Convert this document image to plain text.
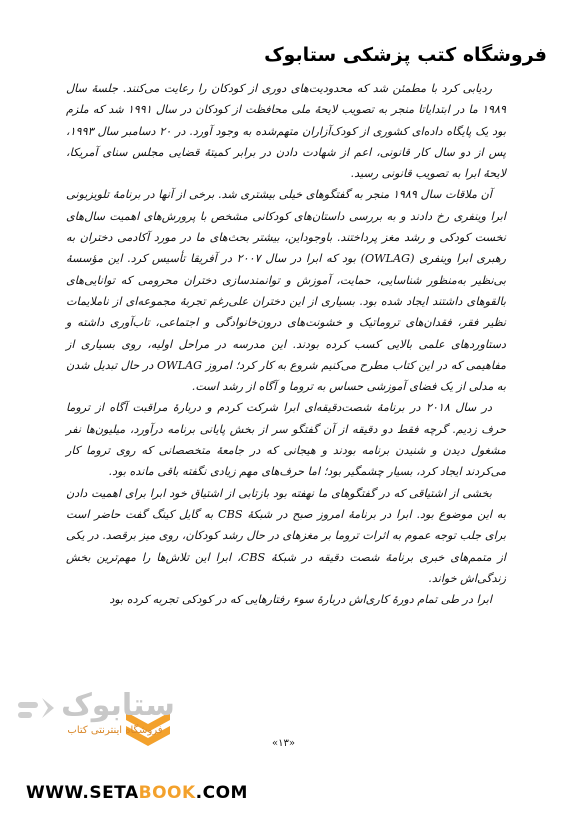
فروشگاه کتب پزشکی ستابوک

ردیابی کرد با مطمئن شد که محدودیت‌های دوری از کودکان را رعایت می‌کنند. جلسهٔ سال ۱۹۸۹ ما در ابتدا‌یاتا منجر به تصویب لایحهٔ ملی محافظت از کودکان در سال ۱۹۹۱ شد که ملزم بود یک پایگاه داده‌ای کشوری از کودک‌آزاران متهم‌شده به وجود آورد. در ۲۰ دسامبر سال ۱۹۹۳، پس از دو سال کار قانونی، اعم از شهادت دادن در برابر کمیتهٔ قضایی مجلس سنای آمریکا، لایحهٔ ابرا به تصویب قانونی رسید.

آن ملاقات سال ۱۹۸۹ منجر به گفتگوهای خیلی بیشتری شد. برخی از آنها در برنامهٔ تلویزیونی ابرا وینفری رخ دادند و به بررسی داستان‌های کودکانی مشخص با پرورش‌های اهمیت سال‌های نخست کودکی و رشد مغز پرداختند. باوجوداین، بیشتر بحث‌های ما در مورد آکادمی دختران به رهبری ابرا وینفری (OWLAG) بود که ابرا در سال ۲۰۰۷ در آفریقا تأسیس کرد. این مؤسسهٔ بی‌نظیر به‌منظور شناسایی، حمایت، آموزش و توانمندسازی دختران محرومی که توانایی‌های بالقوهای داشتند ایجاد شده بود. بسیاری از این دختران علی‌رغم تجربهٔ مجموعه‌ای از ناملایمات نظیر فقر، فقدان‌های تروماتیک و خشونت‌های درون‌خانوادگی و اجتماعی، تاب‌آوری داشته و دستاوردهای علمی بالایی کسب کرده بودند. این مدرسه در مراحل اولیه، روی بسیاری از مفاهیمی که در این کتاب مطرح می‌کنیم شروع به کار کرد؛ امروز OWLAG در حال تبدیل شدن به مدلی از یک فضای آموزشی حساس به تروما و آگاه از رشد است.

در سال ۲۰۱۸ در برنامهٔ شصت‌دقیقه‌ای ابرا شرکت کردم و دربارهٔ مراقبت آگاه از تروما حرف زدیم. گرچه فقط دو دقیقه از آن گفتگو سر از بخش پایانی برنامه درآورد، میلیون‌ها نفر مشغول دیدن و شنیدن برنامه بودند و هیجانی که در جامعهٔ متخصصانی که روی تروما کار می‌کردند ایجاد کرد، بسیار چشمگیر بود؛ اما حرف‌های مهم زیادی نگفته باقی مانده بود.

بخشی از اشتیاقی که در گفتگوهای ما نهفته بود بازتابی از اشتیاق خود ابرا برای اهمیت دادن به این موضوع بود. ابرا در برنامهٔ امروز صبح در شبکهٔ CBS به گایل کینگ گفت حاضر است برای جلب توجه عموم به اثرات تروما بر مغزهای در حال رشد کودکان، روی میز برقصد. در یکی از متمم‌های خبری برنامهٔ شصت دقیقه در شبکهٔ CBS، ابرا این تلاش‌ها را مهم‌ترین بخش زندگی‌اش خواند.

ابرا در طی تمام دورهٔ کاری‌اش دربارهٔ سوء رفتارهایی که در کودکی تجربه کرده بود

«۱۳»
ستابوک
فروشگاه اینترنتی کتاب
WWW.SETABOOK.COM
